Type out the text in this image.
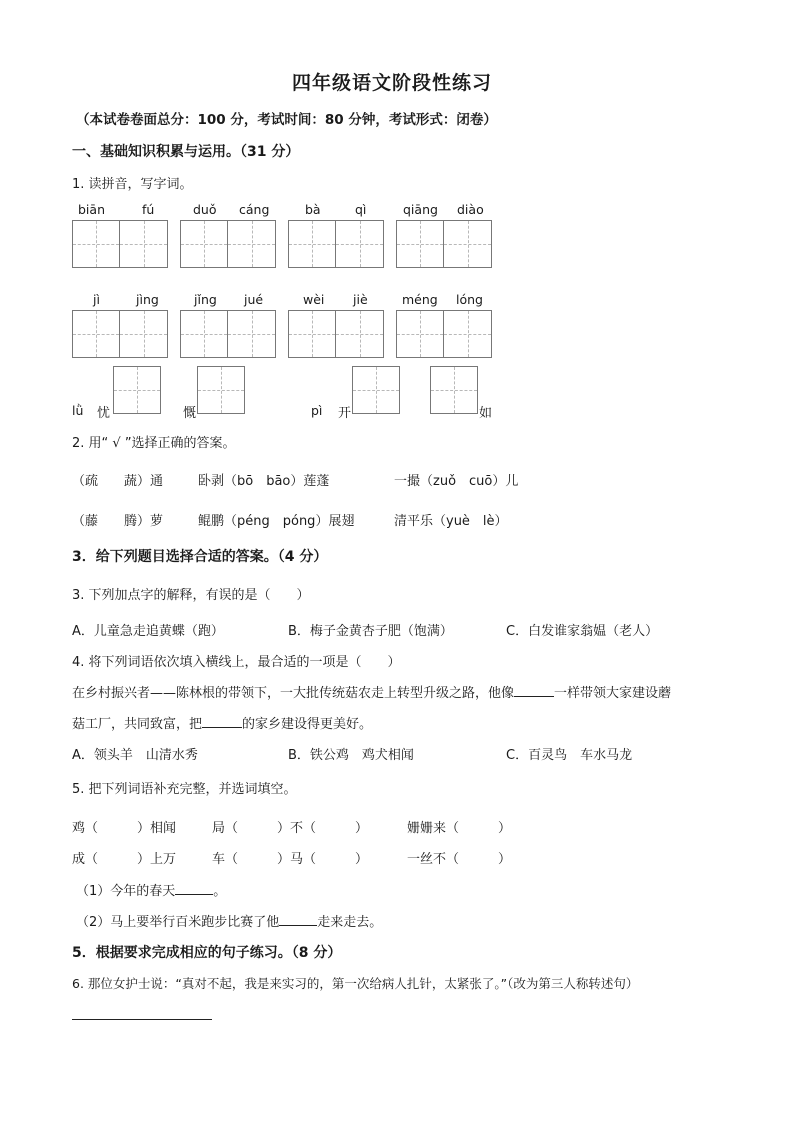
四年级语文阶段性练习
（本试卷卷面总分：100 分，考试时间：80 分钟，考试形式：闭卷）
一、基础知识积累与运用。（31 分）
1. 读拼音，写字词。
biān	fú	duǒ cáng	bà	qì	qiāng diào
jì	jìng	jǐng jué	wèi jiè	méng lóng
lǜ 忧	慨	pì 开	如
2. 用“ √ ”选择正确的答案。
（疏　　蔬）通	卧剥（bō　bāo）莲蓬	一撮（zuǒ　cuō）儿
（藤　　腾）萝	鲲鹏（péng　póng）展翅	清平乐（yuè　lè）
3．给下列题目选择合适的答案。（4 分）
3. 下列加点字的解释，有误的是（　　）
A．儿童急走追黄蝶（跑）	B．梅子金黄杏子肥（饱满）	C．白发谁家翁媪（老人）
4. 将下列词语依次填入横线上，最合适的一项是（　　）
在乡村振兴者——陈林根的带领下，一大批传统菇农走上转型升级之路，他像	一样带领大家建设蘑
菇工厂，共同致富，把	的家乡建设得更美好。
A．领头羊　山清水秀	B．铁公鸡　鸡犬相闻	C．百灵鸟　车水马龙
5. 把下列词语补充完整，并选词填空。
鸡（　　　）相闻	局（　　　）不（　　　）	姗姗来（　　　）
成（　　　）上万	车（　　　）马（　　　）	一丝不（　　　）
（1）今年的春天	。
（2）马上要举行百米跑步比赛了他	走来走去。
5．根据要求完成相应的句子练习。（8 分）
6. 那位女护士说：“真对不起，我是来实习的，第一次给病人扎针，太紧张了。”（改为第三人称转述句）
